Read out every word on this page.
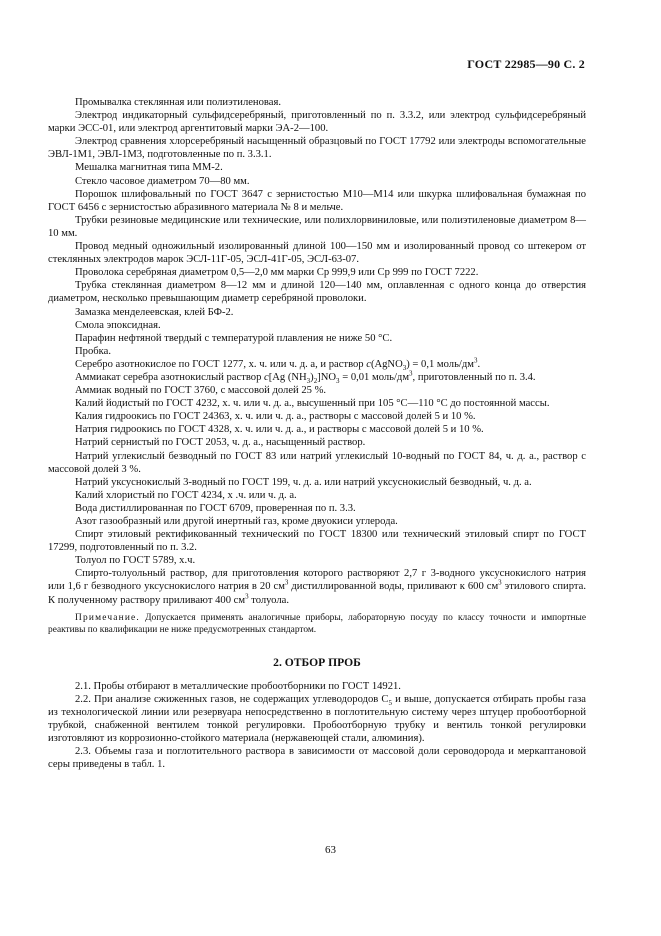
ГОСТ 22985—90 С. 2

Промывалка стеклянная или полиэтиленовая.

Электрод индикаторный сульфидсеребряный, приготовленный по п. 3.3.2, или электрод сульфидсеребряный марки ЭСС-01, или электрод аргентитовый марки ЭА-2—100.

Электрод сравнения хлорсеребряный насыщенный образцовый по ГОСТ 17792 или электроды вспомогательные ЭВЛ-1М1, ЭВЛ-1М3, подготовленные по п. 3.3.1.

Мешалка магнитная типа ММ-2.

Стекло часовое диаметром 70—80 мм.

Порошок шлифовальный по ГОСТ 3647 с зернистостью М10—М14 или шкурка шлифовальная бумажная по ГОСТ 6456 с зернистостью абразивного материала № 8 и мельче.

Трубки резиновые медицинские или технические, или полихлорвиниловые, или полиэтиленовые диаметром 8—10 мм.

Провод медный одножильный изолированный длиной 100—150 мм и изолированный провод со штекером от стеклянных электродов марок ЭСЛ-11Г-05, ЭСЛ-41Г-05, ЭСЛ-63-07.

Проволока серебряная диаметром 0,5—2,0 мм марки Ср 999,9 или Ср 999 по ГОСТ 7222.

Трубка стеклянная диаметром 8—12 мм и длиной 120—140 мм, оплавленная с одного конца до отверстия диаметром, несколько превышающим диаметр серебряной проволоки.

Замазка менделеевская, клей БФ-2.

Смола эпоксидная.

Парафин нефтяной твердый с температурой плавления не ниже 50 °С.

Пробка.

Серебро азотнокислое по ГОСТ 1277, х. ч. или ч. д. а, и раствор c(AgNO$_3$) = 0,1 моль/$дм^3$.

Аммиакат серебра азотнокислый раствор c[Ag $(NH_3)_2]NO_3 = 0,01$ моль/$дм^3$, приготовленный по п. 3.4.

Аммиак водный по ГОСТ 3760, с массовой долей 25 %.

Калий йодистый по ГОСТ 4232, х. ч. или ч. д. а., высушенный при 105 °С—110 °С до постоянной массы.

Калия гидроокись по ГОСТ 24363, х. ч. или ч. д. а., растворы с массовой долей 5 и 10 %.

Натрия гидроокись по ГОСТ 4328, х. ч. или ч. д. а., и растворы с массовой долей 5 и 10 %.

Натрий сернистый по ГОСТ 2053, ч. д. а., насыщенный раствор.

Натрий углекислый безводный по ГОСТ 83 или натрий углекислый 10-водный по ГОСТ 84, ч. д. а., раствор с массовой долей 3 %.

Натрий уксуснокислый 3-водный по ГОСТ 199, ч. д. а. или натрий уксуснокислый безводный, ч. д. а.

Калий хлористый по ГОСТ 4234, х .ч. или ч. д. а.

Вода дистиллированная по ГОСТ 6709, проверенная по п. 3.3.

Азот газообразный или другой инертный газ, кроме двуокиси углерода.

Спирт этиловый ректификованный технический по ГОСТ 18300 или технический этиловый спирт по ГОСТ 17299, подготовленный по п. 3.2.

Толуол по ГОСТ 5789, х.ч.

Спирто-толуольный раствор, для приготовления которого растворяют 2,7 г 3-водного уксуснокислого натрия или 1,6 г безводного уксуснокислого натрия в 20 $см^3$ дистиллированной воды, приливают к 600 $см^3$ этилового спирта. К полученному раствору приливают 400 $см^3$ толуола.

Примечание. Допускается применять аналогичные приборы, лабораторную посуду по классу точности и импортные реактивы по квалификации не ниже предусмотренных стандартом.

2. ОТБОР ПРОБ

2.1. Пробы отбирают в металлические пробоотборники по ГОСТ 14921.

2.2. При анализе сжиженных газов, не содержащих углеводородов $С_5$ и выше, допускается отбирать пробы газа из технологической линии или резервуара непосредственно в поглотительную систему через штуцер пробоотборной трубкой, снабженной вентилем тонкой регулировки. Пробоотборную трубку и вентиль тонкой регулировки изготовляют из коррозионно-стойкого материала (нержавеющей стали, алюминия).

2.3. Объемы газа и поглотительного раствора в зависимости от массовой доли сероводорода и меркаптановой серы приведены в табл. 1.

63
